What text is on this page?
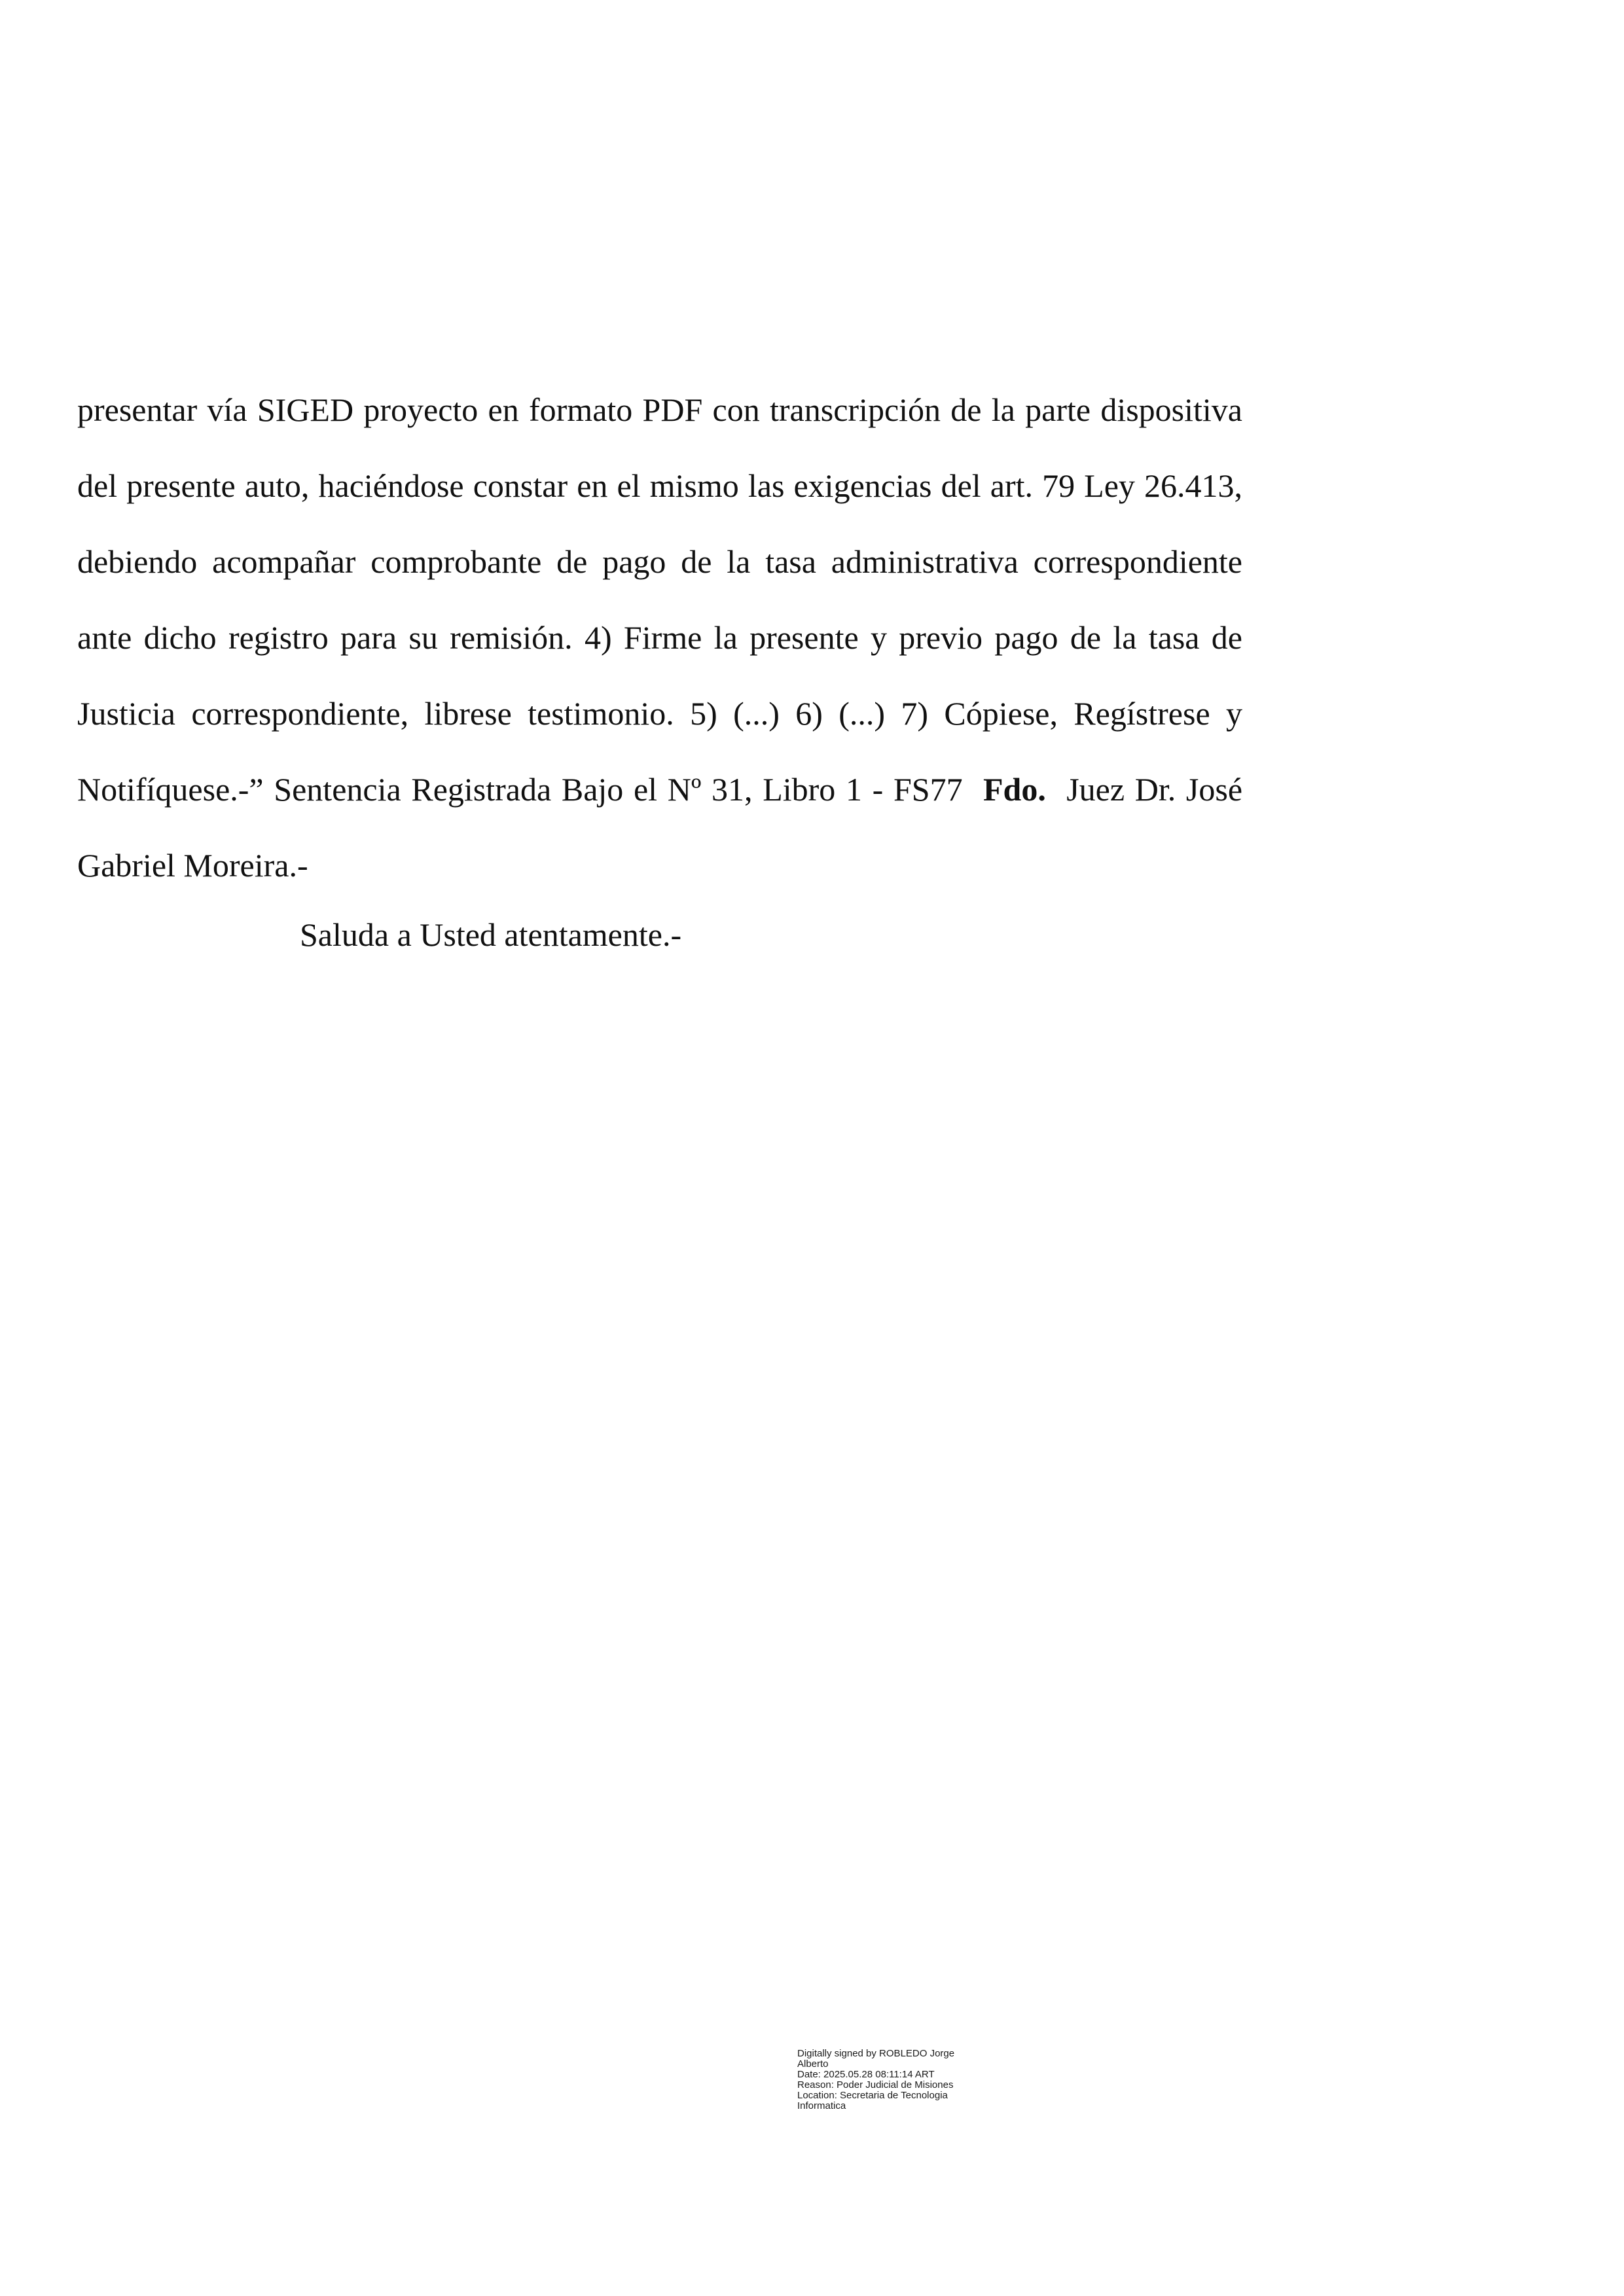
presentar vía SIGED proyecto en formato PDF con transcripción de la parte dispositiva del presente auto, haciéndose constar en el mismo las exigencias del art. 79 Ley 26.413, debiendo acompañar comprobante de pago de la tasa administrativa correspondiente ante dicho registro para su remisión. 4) Firme la presente y previo pago de la tasa de Justicia correspondiente, librese testimonio. 5) (...) 6) (...) 7) Cópiese, Regístrese y Notifíquese.-” Sentencia Registrada Bajo el Nº 31, Libro 1 - FS77 Fdo. Juez Dr. José Gabriel Moreira.-

Saluda a Usted atentamente.-

Digitally signed by ROBLEDO Jorge
Alberto
Date: 2025.05.28 08:11:14 ART
Reason: Poder Judicial de Misiones
Location: Secretaria de Tecnologia
Informatica
